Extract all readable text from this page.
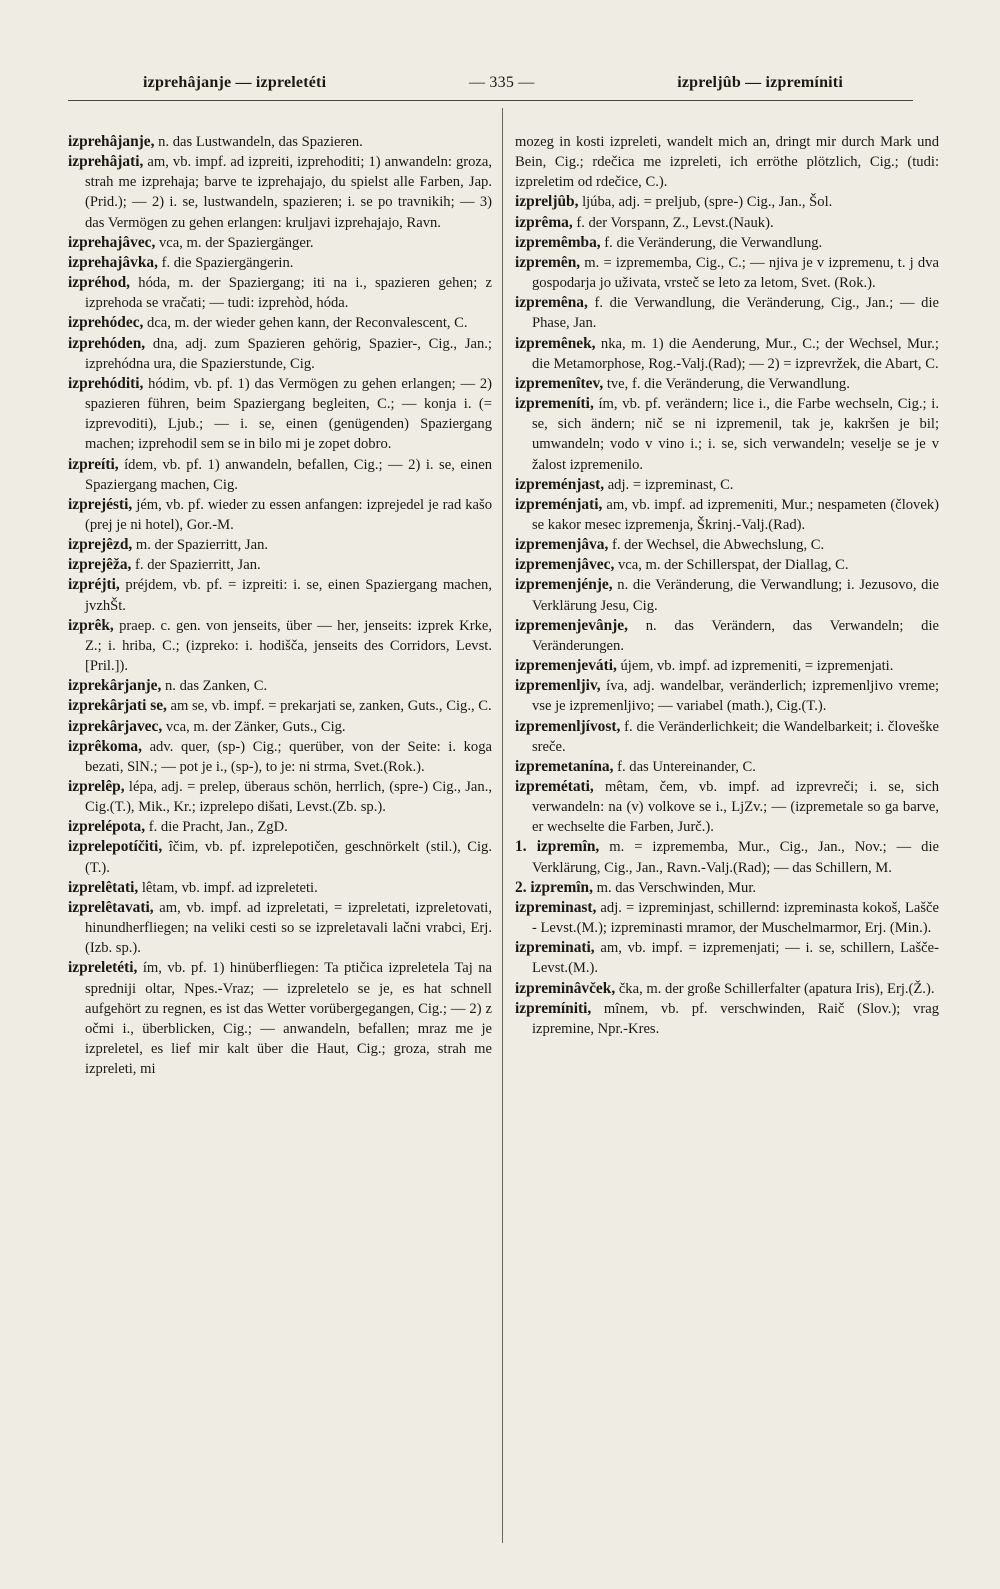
izprehâjanje — izpreletéti	— 335 —	izpreljûb — izpremíniti

izprehâjanje, n. das Lustwandeln, das Spazieren.

izprehâjati, am, vb. impf. ad izpreiti, izprehoditi; 1) anwandeln: groza, strah me izprehaja; barve te izprehajajo, du spielst alle Farben, Jap.(Prid.); — 2) i. se, lustwandeln, spazieren; i. se po travnikih; — 3) das Vermögen zu gehen erlangen: kruljavi izprehajajo, Ravn.

izprehajâvec, vca, m. der Spaziergänger.

izprehajâvka, f. die Spaziergängerin.

izpréhod, hóda, m. der Spaziergang; iti na i., spazieren gehen; z izprehoda se vračati; — tudi: izprehòd, hóda.

izprehódec, dca, m. der wieder gehen kann, der Reconvalescent, C.

izprehóden, dna, adj. zum Spazieren gehörig, Spazier-, Cig., Jan.; izprehódna ura, die Spazierstunde, Cig.

izprehóditi, hódim, vb. pf. 1) das Vermögen zu gehen erlangen; — 2) spazieren führen, beim Spaziergang begleiten, C.; — konja i. (= izprevoditi), Ljub.; — i. se, einen (genügenden) Spaziergang machen; izprehodil sem se in bilo mi je zopet dobro.

izpreíti, ídem, vb. pf. 1) anwandeln, befallen, Cig.; — 2) i. se, einen Spaziergang machen, Cig.

izprejésti, jém, vb. pf. wieder zu essen anfangen: izprejedel je rad kašo (prej je ni hotel), Gor.-M.

izprejêzd, m. der Spazierritt, Jan.

izprejêža, f. der Spazierritt, Jan.

izpréjti, préjdem, vb. pf. = izpreiti: i. se, einen Spaziergang machen, jvzhŠt.

izprêk, praep. c. gen. von jenseits, über — her, jenseits: izprek Krke, Z.; i. hriba, C.; (izpreko: i. hodišča, jenseits des Corridors, Levst.[Pril.]).

izprekârjanje, n. das Zanken, C.

izprekârjati se, am se, vb. impf. = prekarjati se, zanken, Guts., Cig., C.

izprekârjavec, vca, m. der Zänker, Guts., Cig.

izprêkoma, adv. quer, (sp-) Cig.; querüber, von der Seite: i. koga bezati, SlN.; — pot je i., (sp-), to je: ni strma, Svet.(Rok.).

izprelêp, lépa, adj. = prelep, überaus schön, herrlich, (spre-) Cig., Jan., Cig.(T.), Mik., Kr.; izprelepo dišati, Levst.(Zb. sp.).

izprelépota, f. die Pracht, Jan., ZgD.

izprelepotíčiti, îčim, vb. pf. izprelepotičen, geschnörkelt (stil.), Cig.(T.).

izprelêtati, lêtam, vb. impf. ad izpreleteti.

izprelêtavati, am, vb. impf. ad izpreletati, = izpreletati, izpreletovati, hinundherfliegen; na veliki cesti so se izpreletavali lačni vrabci, Erj.(Izb. sp.).

izpreletéti, ím, vb. pf. 1) hinüberfliegen: Ta ptičica izpreletela Taj na spredniji oltar, Npes.-Vraz; — izpreletelo se je, es hat schnell aufgehört zu regnen, es ist das Wetter vorübergegangen, Cig.; — 2) z očmi i., überblicken, Cig.; — anwandeln, befallen; mraz me je izpreletel, es lief mir kalt über die Haut, Cig.; groza, strah me izpreleti, mi

mozeg in kosti izpreleti, wandelt mich an, dringt mir durch Mark und Bein, Cig.; rdečica me izpreleti, ich erröthe plötzlich, Cig.; (tudi: izpreletim od rdečice, C.).

izpreljûb, ljúba, adj. = preljub, (spre-) Cig., Jan., Šol.

izprêma, f. der Vorspann, Z., Levst.(Nauk).

izpremêmba, f. die Veränderung, die Verwandlung.

izpremên, m. = izprememba, Cig., C.; — njiva je v izpremenu, t. j dva gospodarja jo uživata, vrsteč se leto za letom, Svet. (Rok.).

izpremêna, f. die Verwandlung, die Veränderung, Cig., Jan.; — die Phase, Jan.

izpremênek, nka, m. 1) die Aenderung, Mur., C.; der Wechsel, Mur.; die Metamorphose, Rog.-Valj.(Rad); — 2) = izprevržek, die Abart, C.

izpremenîtev, tve, f. die Veränderung, die Verwandlung.

izpremeníti, ím, vb. pf. verändern; lice i., die Farbe wechseln, Cig.; i. se, sich ändern; nič se ni izpremenil, tak je, kakršen je bil; umwandeln; vodo v vino i.; i. se, sich verwandeln; veselje se je v žalost izpremenilo.

izpreménjast, adj. = izpreminast, C.

izpreménjati, am, vb. impf. ad izpremeniti, Mur.; nespameten (človek) se kakor mesec izpremenja, Škrinj.-Valj.(Rad).

izpremenjâva, f. der Wechsel, die Abwechslung, C.

izpremenjâvec, vca, m. der Schillerspat, der Diallag, C.

izpremenjénje, n. die Veränderung, die Verwandlung; i. Jezusovo, die Verklärung Jesu, Cig.

izpremenjevânje, n. das Verändern, das Verwandeln; die Veränderungen.

izpremenjeváti, újem, vb. impf. ad izpremeniti, = izpremenjati.

izpremenljiv, íva, adj. wandelbar, veränderlich; izpremenljivo vreme; vse je izpremenljivo; — variabel (math.), Cig.(T.).

izpremenljívost, f. die Veränderlichkeit; die Wandelbarkeit; i. človeške sreče.

izpremetanína, f. das Untereinander, C.

izpremétati, mêtam, čem, vb. impf. ad izprevreči; i. se, sich verwandeln: na (v) volkove se i., LjZv.; — (izpremetale so ga barve, er wechselte die Farben, Jurč.).

1. izpremîn, m. = izprememba, Mur., Cig., Jan., Nov.; — die Verklärung, Cig., Jan., Ravn.-Valj.(Rad); — das Schillern, M.

2. izpremîn, m. das Verschwinden, Mur.

izpreminast, adj. = izpreminjast, schillernd: izpreminasta kokoš, Lašče - Levst.(M.); izpreminasti mramor, der Muschelmarmor, Erj. (Min.).

izpreminati, am, vb. impf. = izpremenjati; — i. se, schillern, Lašče-Levst.(M.).

izpreminâvček, čka, m. der große Schillerfalter (apatura Iris), Erj.(Ž.).

izpremíniti, mînem, vb. pf. verschwinden, Raič (Slov.); vrag izpremine, Npr.-Kres.
